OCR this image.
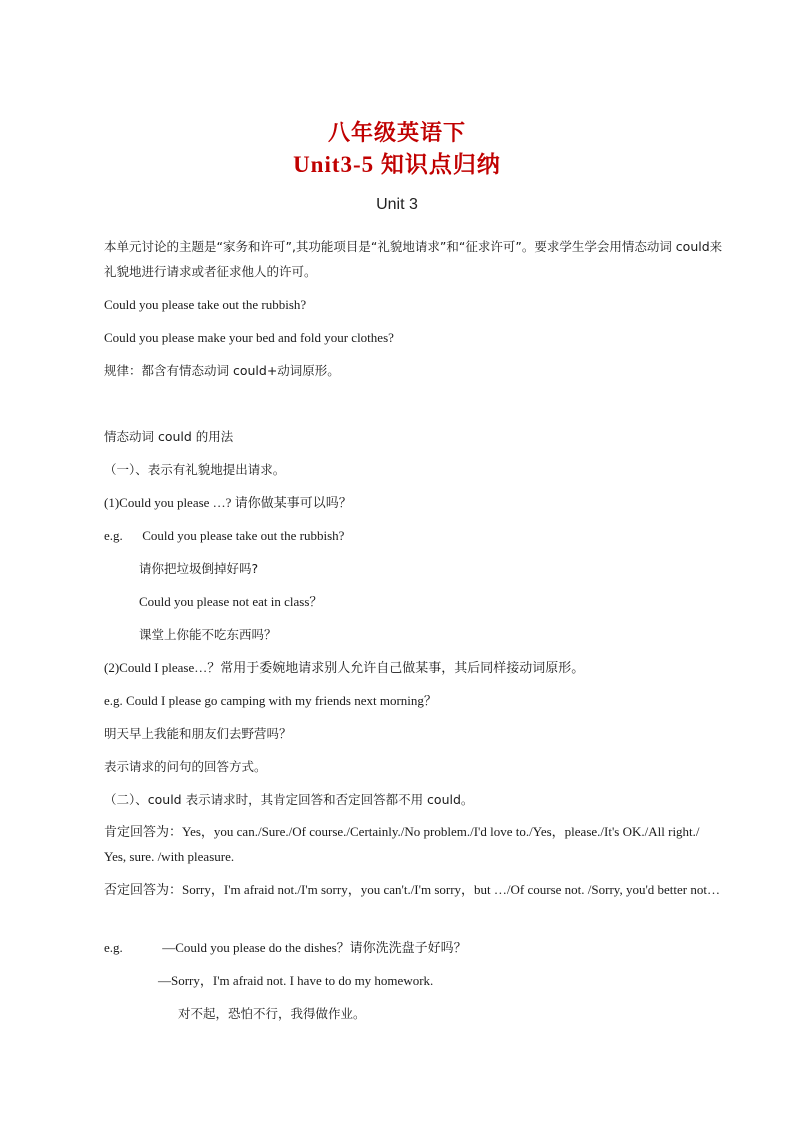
八年级英语下
Unit3-5 知识点归纳
Unit 3
本单元讨论的主题是“家务和许可”,其功能项目是“礼貌地请求”和“征求许可”。要求学生学会用情态动词 could来礼貌地进行请求或者征求他人的许可。
Could you please take out the rubbish?
Could you please make your bed and fold your clothes?
规律：都含有情态动词 could+动词原形。
情态动词 could 的用法
（一）、表示有礼貌地提出请求。
(1)Could you please …? 请你做某事可以吗？
e.g. Could you please take out the rubbish?
请你把垃圾倒掉好吗?
Could you please not eat in class？
课堂上你能不吃东西吗？
(2)Could I please…？常用于委婉地请求别人允许自己做某事，其后同样接动词原形。
e.g. Could I please go camping with my friends next morning？
明天早上我能和朋友们去野营吗？
表示请求的问句的回答方式。
（二）、could 表示请求时，其肯定回答和否定回答都不用 could。
肯定回答为：Yes，you can./Sure./Of course./Certainly./No problem./I'd love to./Yes，please./It's OK./All right./ Yes, sure. /with pleasure.
否定回答为：Sorry，I'm afraid not./I'm sorry，you can't./I'm sorry，but …/Of course not. /Sorry, you'd better not…
e.g.	—Could you please do the dishes？请你洗洗盘子好吗？
—Sorry，I'm afraid not. I have to do my homework.
对不起，恐怕不行，我得做作业。
